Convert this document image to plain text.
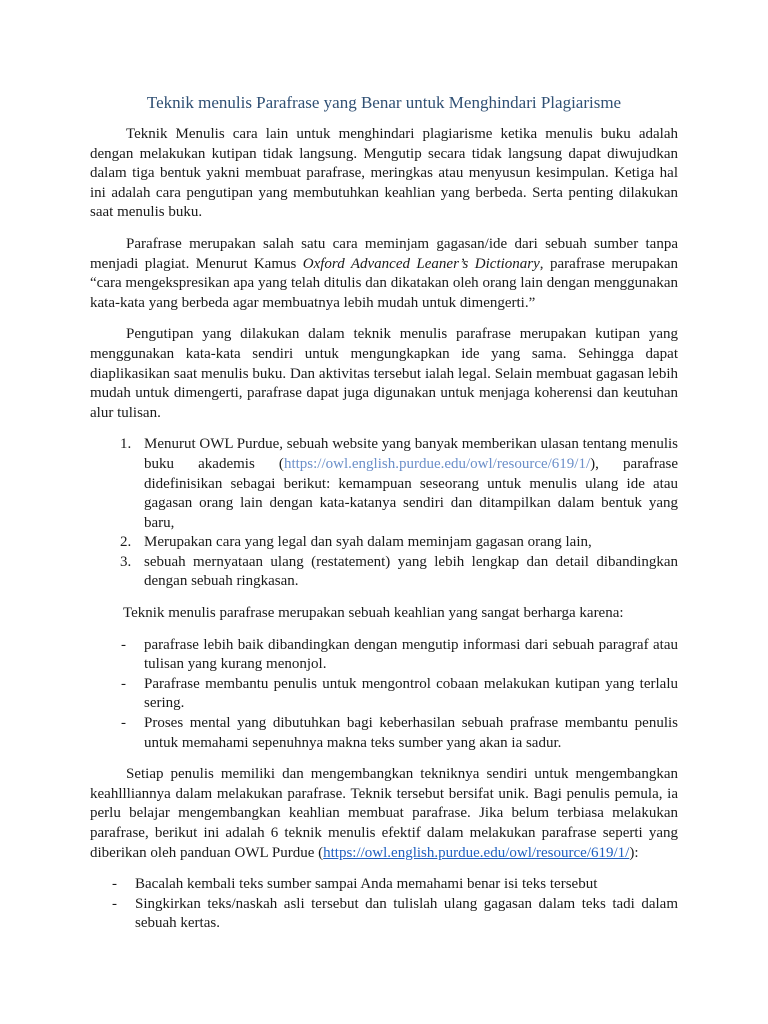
Teknik menulis Parafrase yang Benar untuk Menghindari Plagiarisme

Teknik Menulis cara lain untuk menghindari plagiarisme ketika menulis buku adalah dengan melakukan kutipan tidak langsung. Mengutip secara tidak langsung dapat diwujudkan dalam tiga bentuk yakni membuat parafrase, meringkas atau menyusun kesimpulan. Ketiga hal ini adalah cara pengutipan yang membutuhkan keahlian yang berbeda. Serta penting dilakukan saat menulis buku.

Parafrase merupakan salah satu cara meminjam gagasan/ide dari sebuah sumber tanpa menjadi plagiat. Menurut Kamus Oxford Advanced Leaner’s Dictionary, parafrase merupakan “cara mengekspresikan apa yang telah ditulis dan dikatakan oleh orang lain dengan menggunakan kata-kata yang berbeda agar membuatnya lebih mudah untuk dimengerti.”

Pengutipan yang dilakukan dalam teknik menulis parafrase merupakan kutipan yang menggunakan kata-kata sendiri untuk mengungkapkan ide yang sama. Sehingga dapat diaplikasikan saat menulis buku. Dan aktivitas tersebut ialah legal. Selain membuat gagasan lebih mudah untuk dimengerti, parafrase dapat juga digunakan untuk menjaga koherensi dan keutuhan alur tulisan.

1. Menurut OWL Purdue, sebuah website yang banyak memberikan ulasan tentang menulis buku akademis (https://owl.english.purdue.edu/owl/resource/619/1/), parafrase didefinisikan sebagai berikut: kemampuan seseorang untuk menulis ulang ide atau gagasan orang lain dengan kata-katanya sendiri dan ditampilkan dalam bentuk yang baru,
2. Merupakan cara yang legal dan syah dalam meminjam gagasan orang lain,
3. sebuah mernyataan ulang (restatement) yang lebih lengkap dan detail dibandingkan dengan sebuah ringkasan.

Teknik menulis parafrase merupakan sebuah keahlian yang sangat berharga karena:

- parafrase lebih baik dibandingkan dengan mengutip informasi dari sebuah paragraf atau tulisan yang kurang menonjol.
- Parafrase membantu penulis untuk mengontrol cobaan melakukan kutipan yang terlalu sering.
- Proses mental yang dibutuhkan bagi keberhasilan sebuah prafrase membantu penulis untuk memahami sepenuhnya makna teks sumber yang akan ia sadur.

Setiap penulis memiliki dan mengembangkan tekniknya sendiri untuk mengembangkan keahllliannya dalam melakukan parafrase. Teknik tersebut bersifat unik. Bagi penulis pemula, ia perlu belajar mengembangkan keahlian membuat parafrase. Jika belum terbiasa melakukan parafrase, berikut ini adalah 6 teknik menulis efektif dalam melakukan parafrase seperti yang diberikan oleh panduan OWL Purdue (https://owl.english.purdue.edu/owl/resource/619/1/):

- Bacalah kembali teks sumber sampai Anda memahami benar isi teks tersebut
- Singkirkan teks/naskah asli tersebut dan tulislah ulang gagasan dalam teks tadi dalam sebuah kertas.
